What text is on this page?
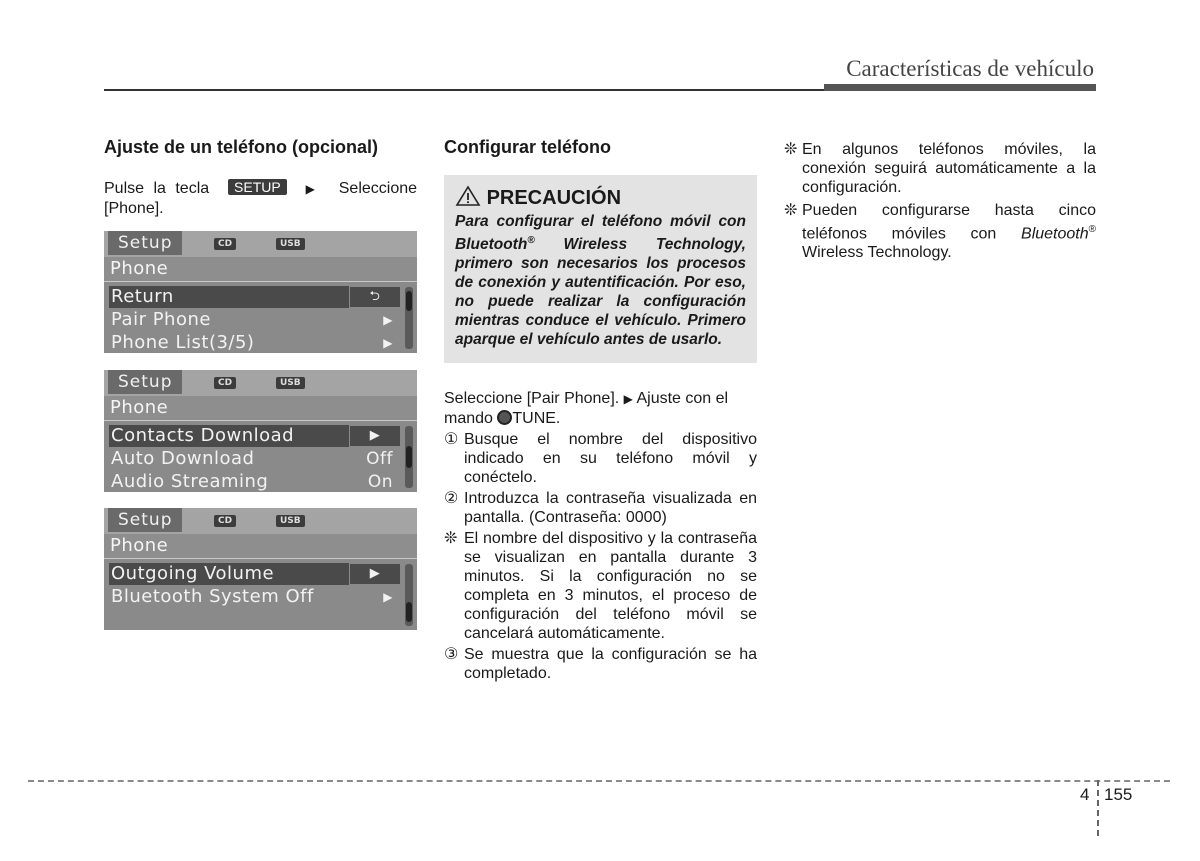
Características de vehículo
Ajuste de un teléfono (opcional)
Pulse la tecla SETUP ▶ Seleccione [Phone].
Setup	CD	USB
Phone
Return	⮌
Pair Phone	▶
Phone List(3/5)	▶
Setup	CD	USB
Phone
Contacts Download	▶
Auto Download	Off
Audio Streaming	On
Setup	CD	USB
Phone
Outgoing Volume	▶
Bluetooth System Off	▶
Configurar teléfono
PRECAUCIÓN
Para configurar el teléfono móvil con Bluetooth® Wireless Technology, primero son necesarios los procesos de conexión y autentificación. Por eso, no puede realizar la configuración mientras conduce el vehículo. Primero aparque el vehículo antes de usarlo.
Seleccione [Pair Phone]. ▶ Ajuste con el mando TUNE.
① Busque el nombre del dispositivo indicado en su teléfono móvil y conéctelo.
② Introduzca la contraseña visualizada en pantalla. (Contraseña: 0000)
❊ El nombre del dispositivo y la contraseña se visualizan en pantalla durante 3 minutos. Si la configuración no se completa en 3 minutos, el proceso de configuración del teléfono móvil se cancelará automáticamente.
③ Se muestra que la configuración se ha completado.
❊ En algunos teléfonos móviles, la conexión seguirá automáticamente a la configuración.
❊ Pueden configurarse hasta cinco teléfonos móviles con Bluetooth® Wireless Technology.
4 155
